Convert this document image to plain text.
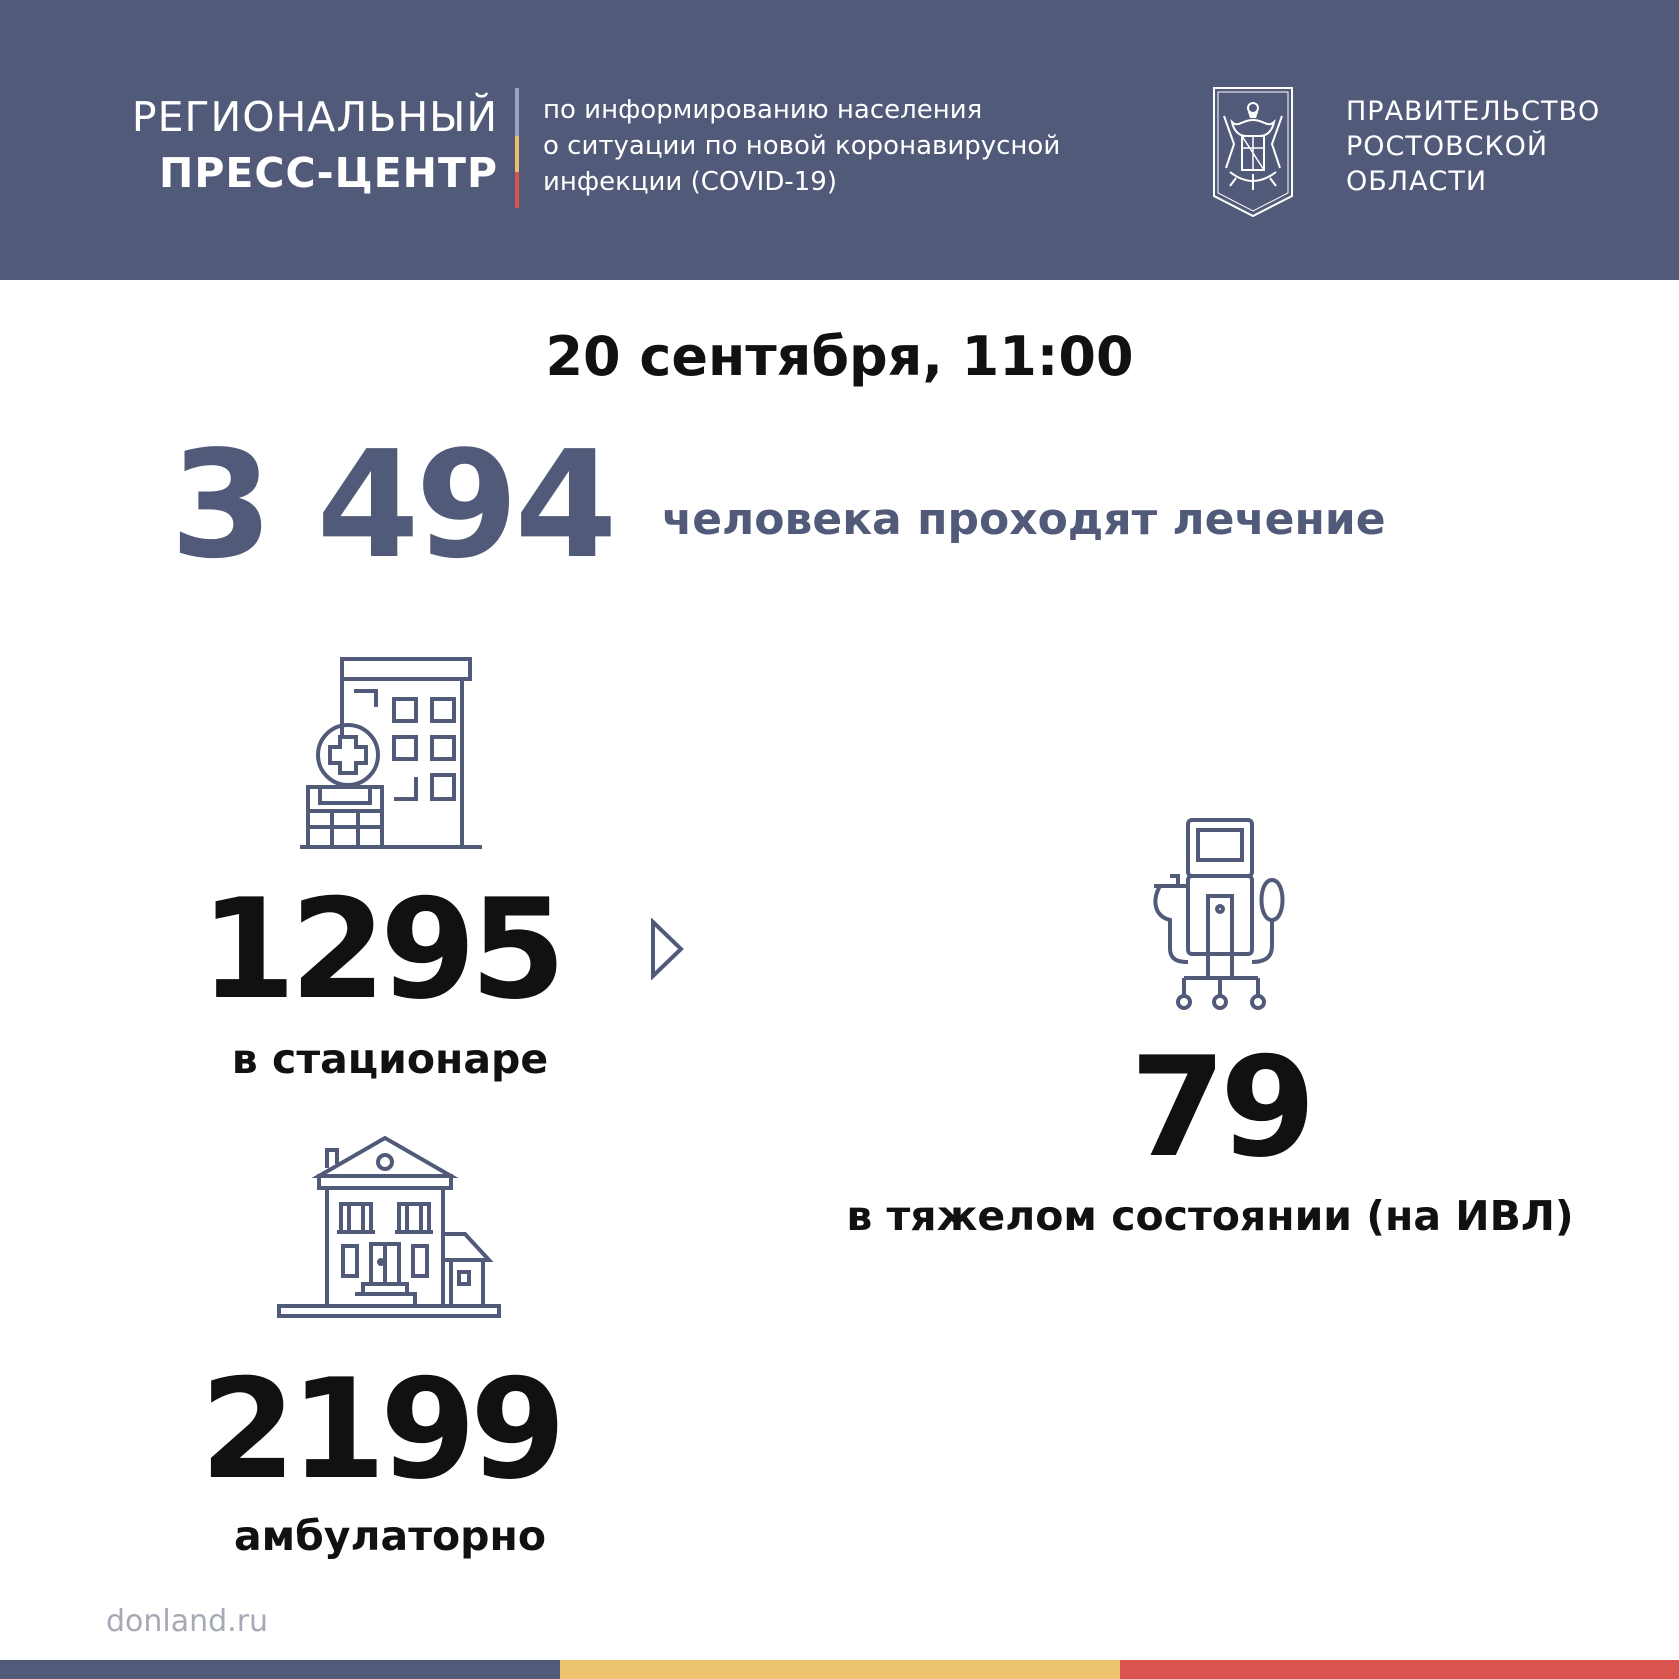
РЕГИОНАЛЬНЫЙ
ПРЕСС-ЦЕНТР
по информированию населения
о ситуации по новой коронавирусной
инфекции (COVID-19)
ПРАВИТЕЛЬСТВО
РОСТОВСКОЙ
ОБЛАСТИ
20 сентября, 11:00
3 494 человека проходят лечение
1295
в стационаре	79
в тяжелом состоянии (на ИВЛ)
2199
амбулаторно
donland.ru
